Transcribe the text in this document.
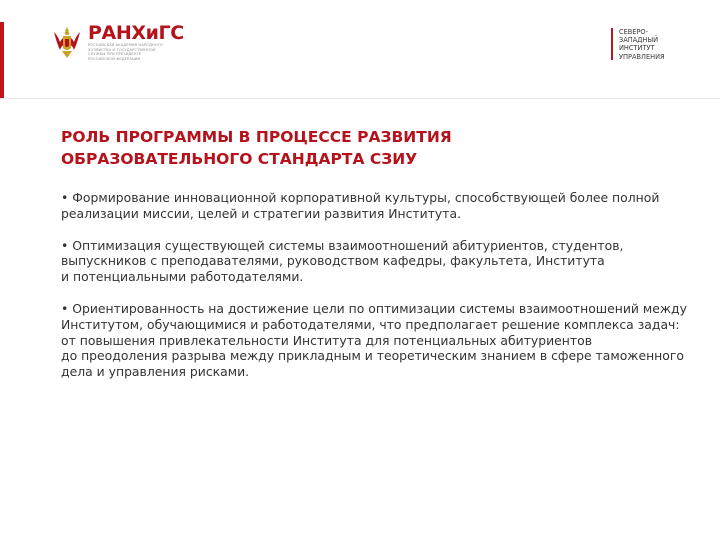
РАНХиГС
РОССИЙСКАЯ АКАДЕМИЯ НАРОДНОГО ХОЗЯЙСТВА И ГОСУДАРСТВЕННОЙ СЛУЖБЫ ПРИ ПРЕЗИДЕНТЕ РОССИЙСКОЙ ФЕДЕРАЦИИ
СЕВЕРО-
ЗАПАДНЫЙ
ИНСТИТУТ
УПРАВЛЕНИЯ
РОЛЬ ПРОГРАММЫ В ПРОЦЕССЕ РАЗВИТИЯ
ОБРАЗОВАТЕЛЬНОГО СТАНДАРТА СЗИУ

• Формирование инновационной корпоративной культуры, способствующей более полной
реализации миссии, целей и стратегии развития Института.

• Оптимизация существующей системы взаимоотношений абитуриентов, студентов,
выпускников с преподавателями, руководством кафедры, факультета, Института
и потенциальными работодателями.

• Ориентированность на достижение цели по оптимизации системы взаимоотношений между
Институтом, обучающимися и работодателями, что предполагает решение комплекса задач:
от повышения привлекательности Института для потенциальных абитуриентов
до преодоления разрыва между прикладным и теоретическим знанием в сфере таможенного
дела и управления рисками.
